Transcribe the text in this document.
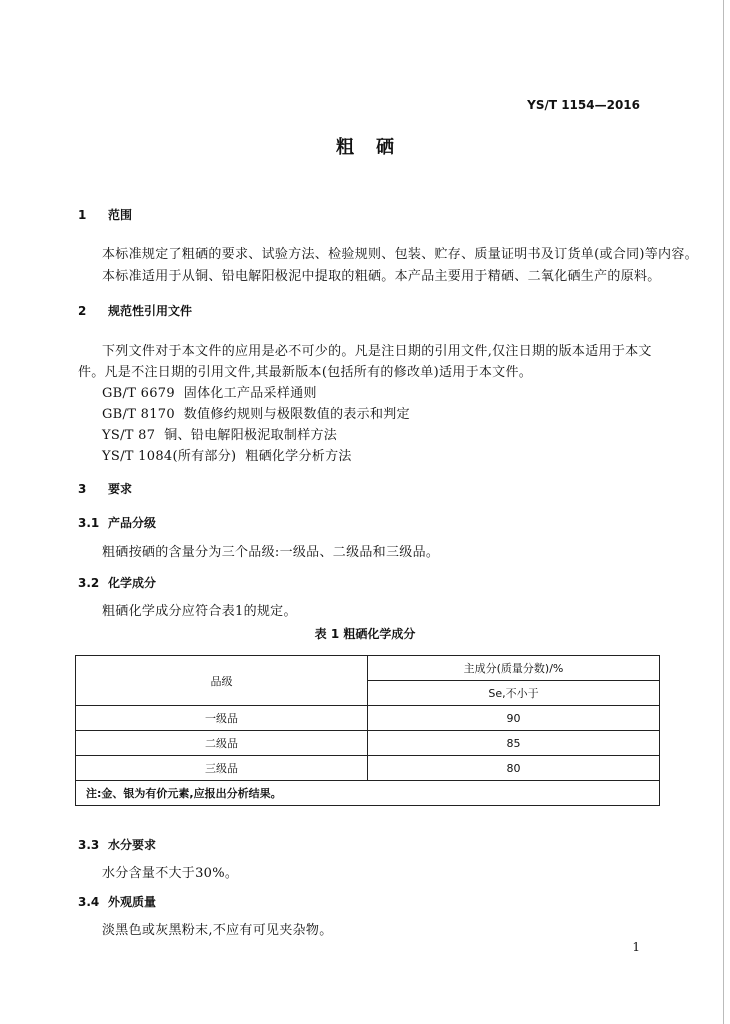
YS/T 1154—2016
粗硒
1 范围
本标准规定了粗硒的要求、试验方法、检验规则、包装、贮存、质量证明书及订货单(或合同)等内容。
本标准适用于从铜、铅电解阳极泥中提取的粗硒。本产品主要用于精硒、二氧化硒生产的原料。
2 规范性引用文件
下列文件对于本文件的应用是必不可少的。凡是注日期的引用文件,仅注日期的版本适用于本文
件。凡是不注日期的引用文件,其最新版本(包括所有的修改单)适用于本文件。
GB/T 6679 固体化工产品采样通则
GB/T 8170 数值修约规则与极限数值的表示和判定
YS/T 87 铜、铅电解阳极泥取制样方法
YS/T 1084(所有部分) 粗硒化学分析方法
3 要求
3.1 产品分级
粗硒按硒的含量分为三个品级:一级品、二级品和三级品。
3.2 化学成分
粗硒化学成分应符合表1的规定。
表 1 粗硒化学成分
品级	主成分(质量分数)/%
	Se,不小于
一级品	90
二级品	85
三级品	80
注:金、银为有价元素,应报出分析结果。	
3.3 水分要求
水分含量不大于30%。
3.4 外观质量
淡黑色或灰黑粉末,不应有可见夹杂物。
1
